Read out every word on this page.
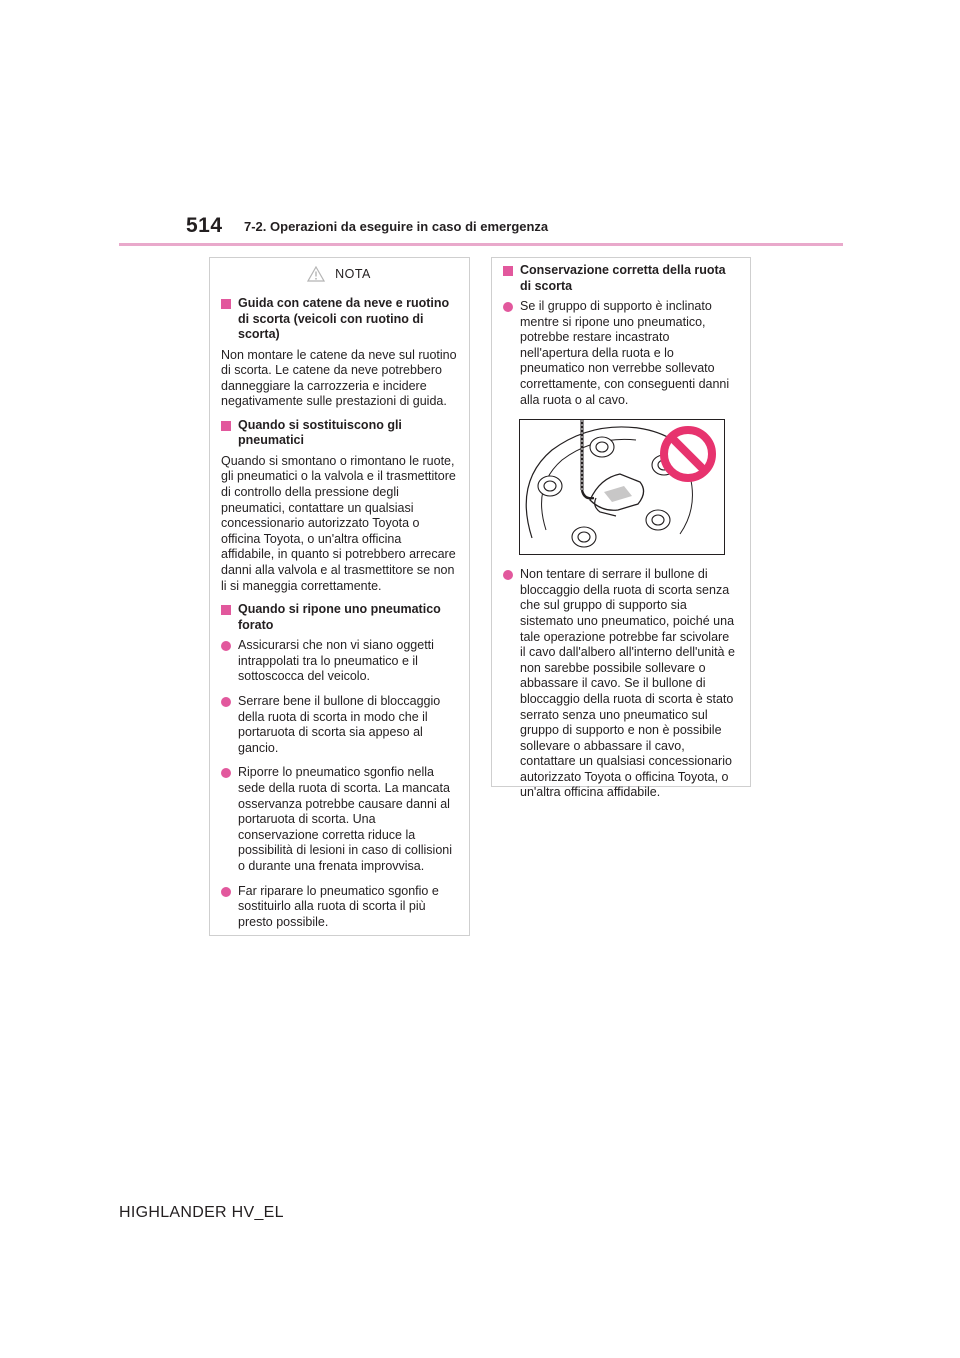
514 7-2. Operazioni da eseguire in caso di emergenza
NOTA
Guida con catene da neve e ruotino di scorta (veicoli con ruotino di scorta)

Non montare le catene da neve sul ruotino di scorta. Le catene da neve potrebbero danneggiare la carrozzeria e incidere negativamente sulle prestazioni di guida.

Quando si sostituiscono gli pneumatici

Quando si smontano o rimontano le ruote, gli pneumatici o la valvola e il trasmettitore di controllo della pressione degli pneumatici, contattare un qualsiasi concessionario autorizzato Toyota o officina Toyota, o un'altra officina affidabile, in quanto si potrebbero arrecare danni alla valvola e al trasmettitore se non li si maneggia correttamente.

Quando si ripone uno pneumatico forato
Assicurarsi che non vi siano oggetti intrappolati tra lo pneumatico e il sottoscocca del veicolo.
Serrare bene il bullone di bloccaggio della ruota di scorta in modo che il portaruota di scorta sia appeso al gancio.
Riporre lo pneumatico sgonfio nella sede della ruota di scorta. La mancata osservanza potrebbe causare danni al portaruota di scorta. Una conservazione corretta riduce la possibilità di lesioni in caso di collisioni o durante una frenata improvvisa.
Far riparare lo pneumatico sgonfio e sostituirlo alla ruota di scorta il più presto possibile.
Conservazione corretta della ruota di scorta
Se il gruppo di supporto è inclinato mentre si ripone uno pneumatico, potrebbe restare incastrato nell'apertura della ruota e lo pneumatico non verrebbe sollevato correttamente, con conseguenti danni alla ruota o al cavo.
Non tentare di serrare il bullone di bloccaggio della ruota di scorta senza che sul gruppo di supporto sia sistemato uno pneumatico, poiché una tale operazione potrebbe far scivolare il cavo dall'albero all'interno dell'unità e non sarebbe possibile sollevare o abbassare il cavo. Se il bullone di bloccaggio della ruota di scorta è stato serrato senza uno pneumatico sul gruppo di supporto e non è possibile sollevare o abbassare il cavo, contattare un qualsiasi concessionario autorizzato Toyota o officina Toyota, o un'altra officina affidabile.
HIGHLANDER HV_EL
